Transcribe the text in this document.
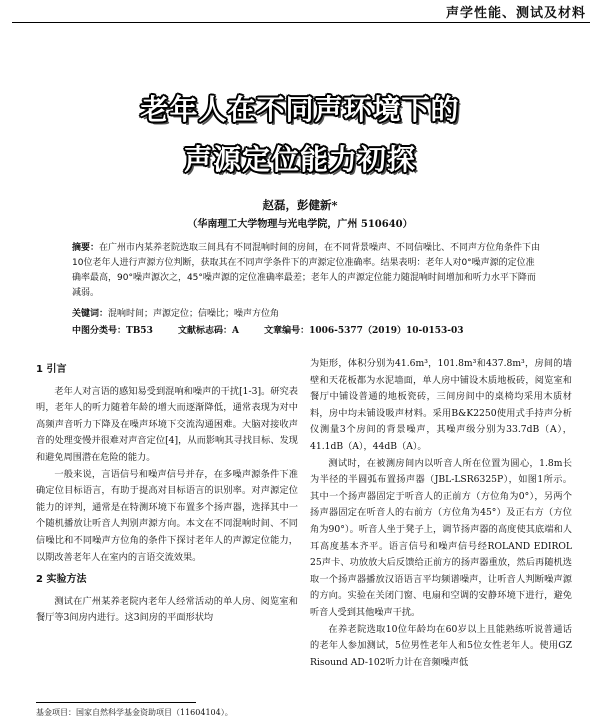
声学性能、测试及材料
老年人在不同声环境下的
声源定位能力初探
赵磊，彭健新*
（华南理工大学物理与光电学院，广州 510640）
摘要：在广州市内某养老院选取三间具有不同混响时间的房间，在不同背景噪声、不同信噪比、不同声方位角条件下由10位老年人进行声源方位判断，获取其在不同声学条件下的声源定位准确率。结果表明：老年人对0°噪声源的定位准确率最高，90°噪声源次之，45°噪声源的定位准确率最差；老年人的声源定位能力随混响时间增加和听力水平下降而减弱。
关键词：混响时间；声源定位；信噪比；噪声方位角
中图分类号：TB53	文献标志码：A	文章编号：1006-5377（2019）10-0153-03
1 引言

老年人对言语的感知易受到混响和噪声的干扰[1-3]。研究表明，老年人的听力随着年龄的增大而逐渐降低，通常表现为对中高频声音听力下降及在噪声环境下交流沟通困难。大脑对接收声音的处理变慢并很难对声音定位[4]，从而影响其寻找目标、发现和避免周围潜在危险的能力。

一般来说，言语信号和噪声信号并存，在多噪声源条件下准确定位目标语言，有助于提高对目标语言的识别率。对声源定位能力的评判，通常是在特测环境下布置多个扬声器，选择其中一个随机播放让听音人判别声源方向。本文在不同混响时间、不同信噪比和不同噪声方位角的条件下探讨老年人的声源定位能力，以期改善老年人在室内的言语交流效果。

2 实验方法

测试在广州某养老院内老年人经常活动的单人房、阅览室和餐厅等3间房内进行。这3间房的平面形状均

为矩形，体积分别为41.6m³，101.8m³和437.8m³，房间的墙壁和天花板都为水泥墙面，单人房中铺设木质地板砖，阅览室和餐厅中铺设普通的地板瓷砖，三间房间中的桌椅均采用木质材料，房中均未铺设吸声材料。采用B&K2250使用式手持声分析仪测量3个房间的背景噪声，其噪声级分别为33.7dB（A），41.1dB（A），44dB（A）。

测试时，在被测房间内以听音人所在位置为圆心，1.8m长为半径的半圆弧布置扬声器（JBL-LSR6325P），如图1所示。其中一个扬声器固定于听音人的正前方（方位角为0°），另两个扬声器固定在听音人的右前方（方位角为45°）及正右方（方位角为90°）。听音人坐于凳子上，调节扬声器的高度使其底端和人耳高度基本齐平。语言信号和噪声信号经ROLAND EDIROL 25声卡、功放放大后反馈给正前方的扬声器重放，然后再随机选取一个扬声器播放汉语语言平均频谱噪声，让听音人判断噪声源的方向。实验在关闭门窗、电扇和空调的安静环境下进行，避免听音人受到其他噪声干扰。

在养老院选取10位年龄均在60岁以上且能熟练听说普通话的老年人参加测试，5位男性老年人和5位女性老年人。使用GZ Risound AD-102听力计在音频噪声低

基金项目：国家自然科学基金资助项目（11604104）。
